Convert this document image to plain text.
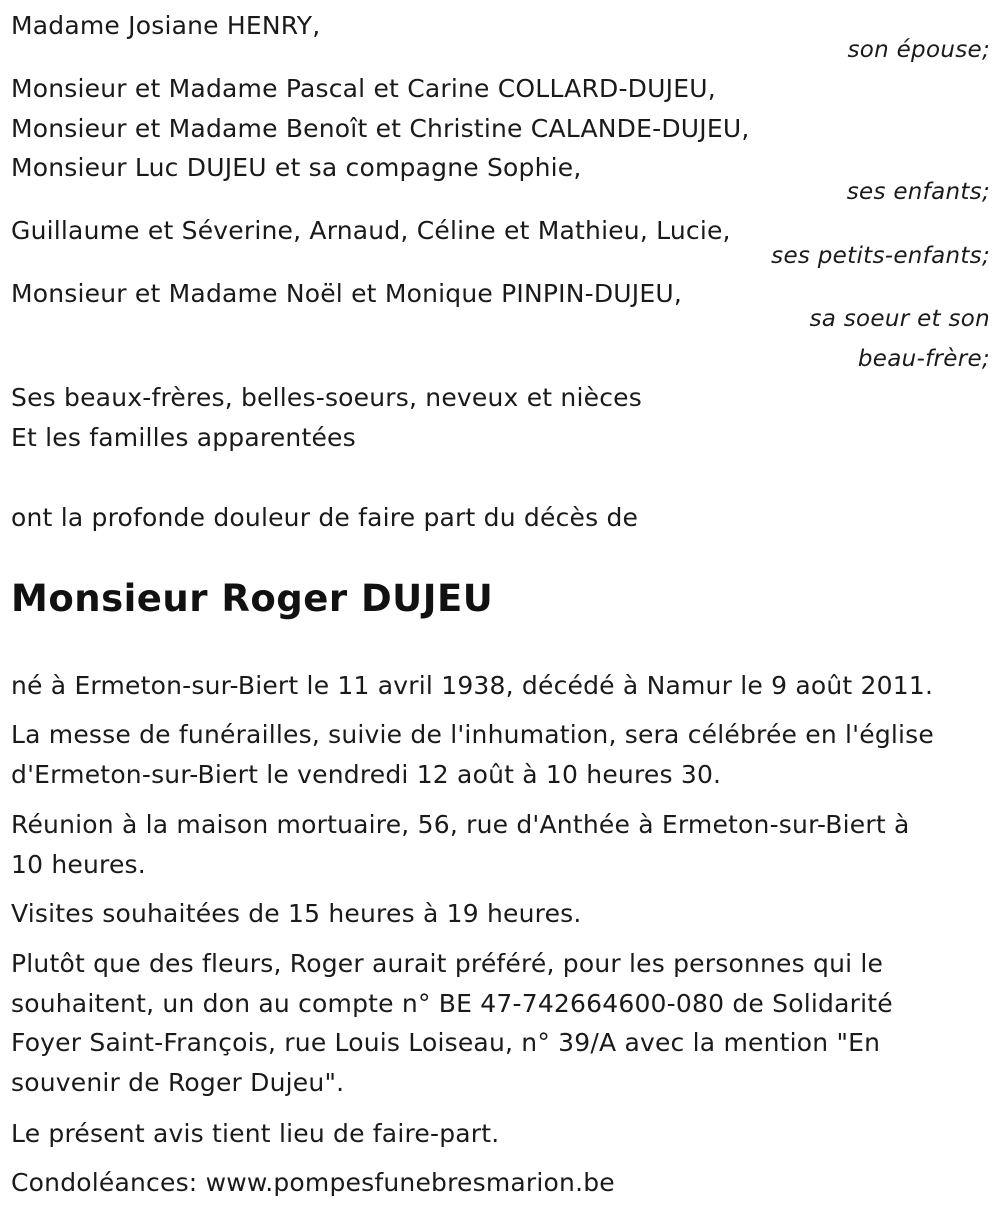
Madame Josiane HENRY,
son épouse;
Monsieur et Madame Pascal et Carine COLLARD-DUJEU,
Monsieur et Madame Benoît et Christine CALANDE-DUJEU,
Monsieur Luc DUJEU et sa compagne Sophie,
ses enfants;
Guillaume et Séverine, Arnaud, Céline et Mathieu, Lucie,
ses petits-enfants;
Monsieur et Madame Noël et Monique PINPIN-DUJEU,
sa soeur et son
beau-frère;
Ses beaux-frères, belles-soeurs, neveux et nièces
Et les familles apparentées
ont la profonde douleur de faire part du décès de
Monsieur Roger DUJEU
né à Ermeton-sur-Biert le 11 avril 1938, décédé à Namur le 9 août 2011.
La messe de funérailles, suivie de l'inhumation, sera célébrée en l'église
d'Ermeton-sur-Biert le vendredi 12 août à 10 heures 30.
Réunion à la maison mortuaire, 56, rue d'Anthée à Ermeton-sur-Biert à
10 heures.
Visites souhaitées de 15 heures à 19 heures.
Plutôt que des fleurs, Roger aurait préféré, pour les personnes qui le
souhaitent, un don au compte n° BE 47-742664600-080 de Solidarité
Foyer Saint-François, rue Louis Loiseau, n° 39/A avec la mention "En
souvenir de Roger Dujeu".
Le présent avis tient lieu de faire-part.
Condoléances: www.pompesfunebresmarion.be
